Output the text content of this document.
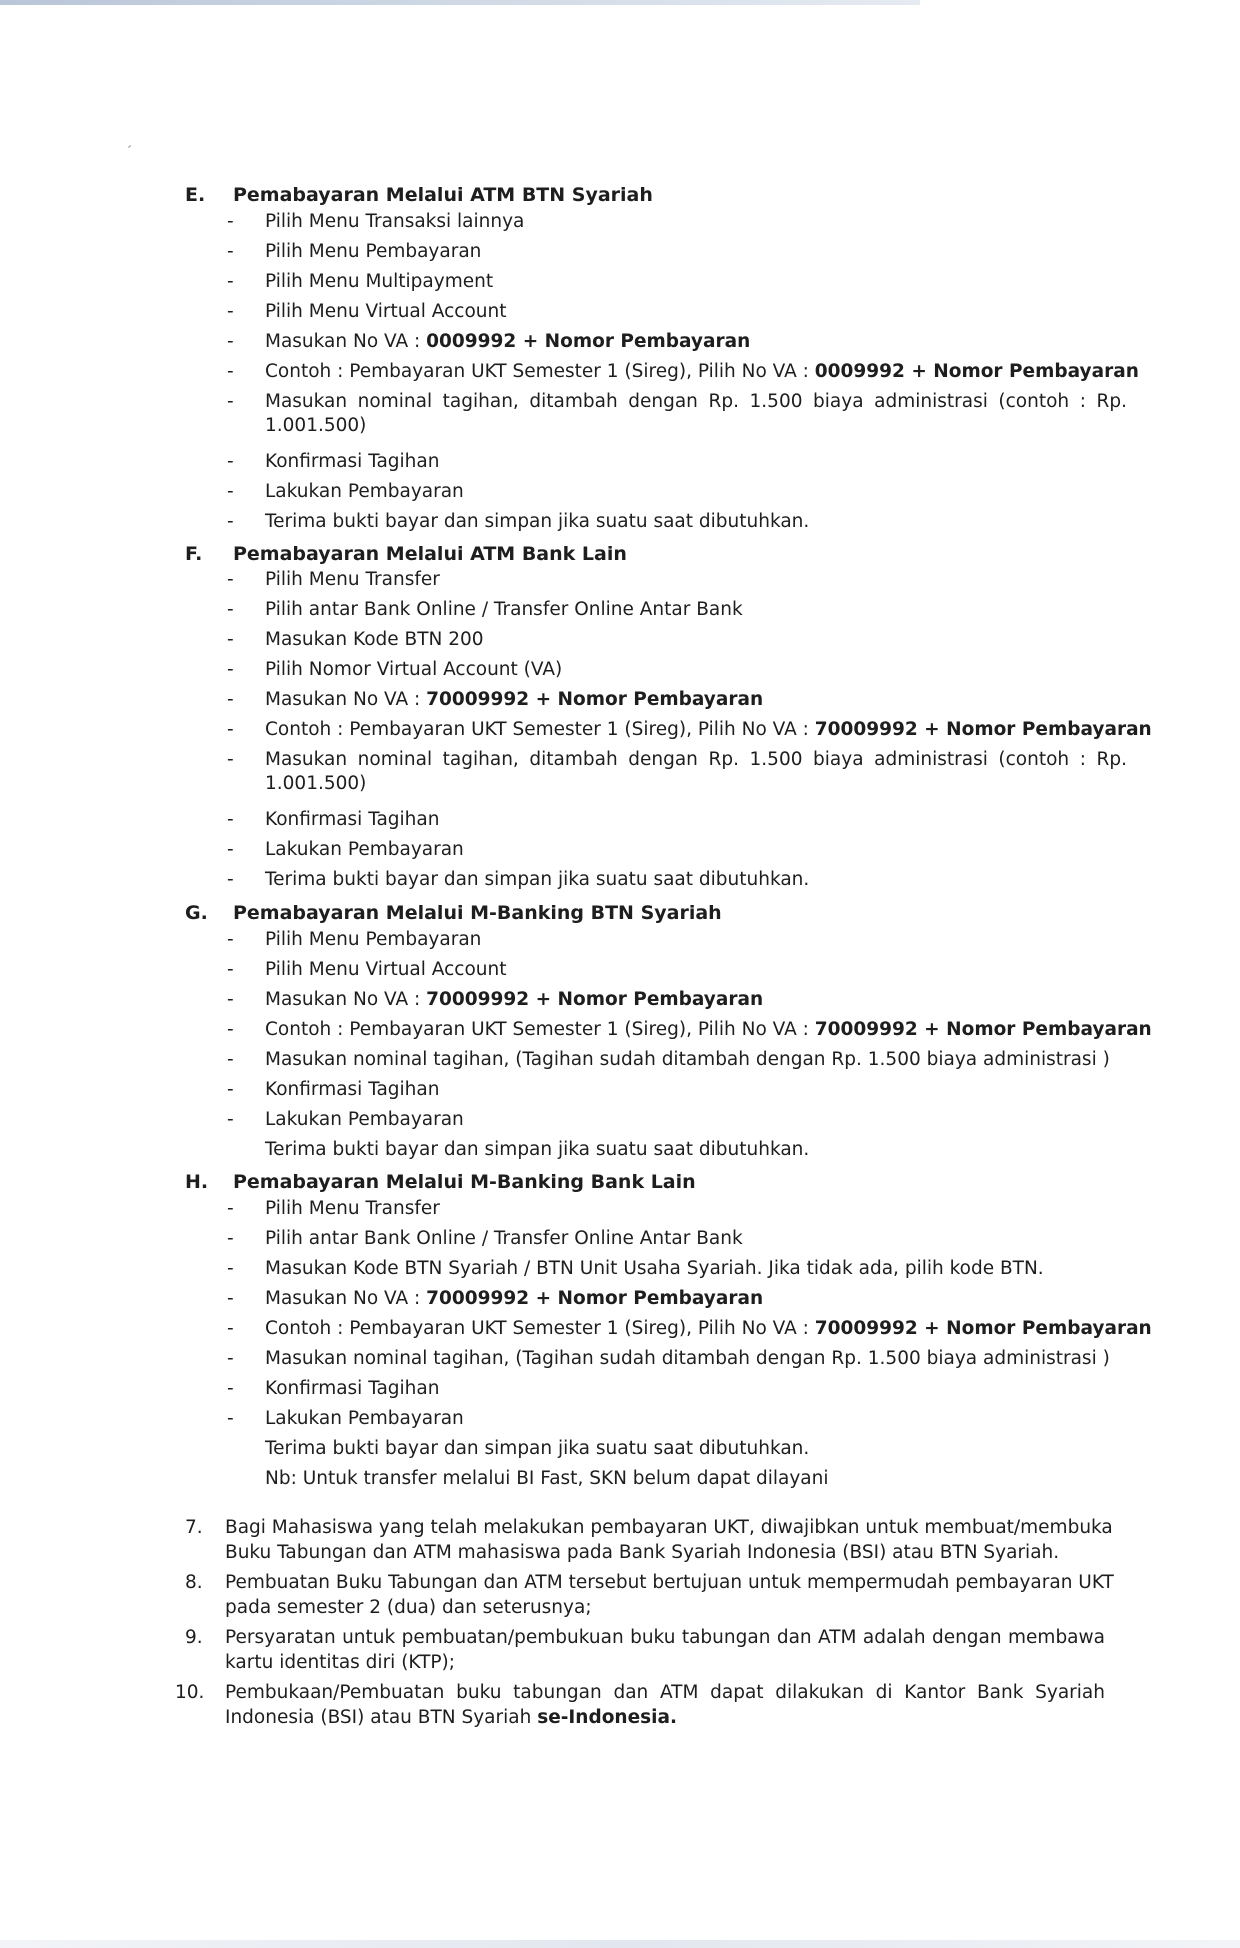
E. Pemabayaran Melalui ATM BTN Syariah
-	Pilih Menu Transaksi lainnya
-	Pilih Menu Pembayaran
-	Pilih Menu Multipayment
-	Pilih Menu Virtual Account
-	Masukan No VA : 0009992 + Nomor Pembayaran
-	Contoh : Pembayaran UKT Semester 1 (Sireg), Pilih No VA : 0009992 + Nomor Pembayaran
-	Masukan nominal tagihan, ditambah dengan Rp. 1.500 biaya administrasi (contoh : Rp.
1.001.500)
-	Konfirmasi Tagihan
-	Lakukan Pembayaran
-	Terima bukti bayar dan simpan jika suatu saat dibutuhkan.
F. Pemabayaran Melalui ATM Bank Lain
-	Pilih Menu Transfer
-	Pilih antar Bank Online / Transfer Online Antar Bank
-	Masukan Kode BTN 200
-	Pilih Nomor Virtual Account (VA)
-	Masukan No VA : 70009992 + Nomor Pembayaran
-	Contoh : Pembayaran UKT Semester 1 (Sireg), Pilih No VA : 70009992 + Nomor Pembayaran
-	Masukan nominal tagihan, ditambah dengan Rp. 1.500 biaya administrasi (contoh : Rp.
1.001.500)
-	Konfirmasi Tagihan
-	Lakukan Pembayaran
-	Terima bukti bayar dan simpan jika suatu saat dibutuhkan.
G. Pemabayaran Melalui M-Banking BTN Syariah
-	Pilih Menu Pembayaran
-	Pilih Menu Virtual Account
-	Masukan No VA : 70009992 + Nomor Pembayaran
-	Contoh : Pembayaran UKT Semester 1 (Sireg), Pilih No VA : 70009992 + Nomor Pembayaran
-	Masukan nominal tagihan, (Tagihan sudah ditambah dengan Rp. 1.500 biaya administrasi )
-	Konfirmasi Tagihan
-	Lakukan Pembayaran
Terima bukti bayar dan simpan jika suatu saat dibutuhkan.
H. Pemabayaran Melalui M-Banking Bank Lain
-	Pilih Menu Transfer
-	Pilih antar Bank Online / Transfer Online Antar Bank
-	Masukan Kode BTN Syariah / BTN Unit Usaha Syariah. Jika tidak ada, pilih kode BTN.
-	Masukan No VA : 70009992 + Nomor Pembayaran
-	Contoh : Pembayaran UKT Semester 1 (Sireg), Pilih No VA : 70009992 + Nomor Pembayaran
-	Masukan nominal tagihan, (Tagihan sudah ditambah dengan Rp. 1.500 biaya administrasi )
-	Konfirmasi Tagihan
-	Lakukan Pembayaran
Terima bukti bayar dan simpan jika suatu saat dibutuhkan.
Nb: Untuk transfer melalui BI Fast, SKN belum dapat dilayani
7. Bagi Mahasiswa yang telah melakukan pembayaran UKT, diwajibkan untuk membuat/membuka
Buku Tabungan dan ATM mahasiswa pada Bank Syariah Indonesia (BSI) atau BTN Syariah.
8. Pembuatan Buku Tabungan dan ATM tersebut bertujuan untuk mempermudah pembayaran UKT
pada semester 2 (dua) dan seterusnya;
9. Persyaratan untuk pembuatan/pembukuan buku tabungan dan ATM adalah dengan membawa
kartu identitas diri (KTP);
10. Pembukaan/Pembuatan buku tabungan dan ATM dapat dilakukan di Kantor Bank Syariah
Indonesia (BSI) atau BTN Syariah se-Indonesia.
